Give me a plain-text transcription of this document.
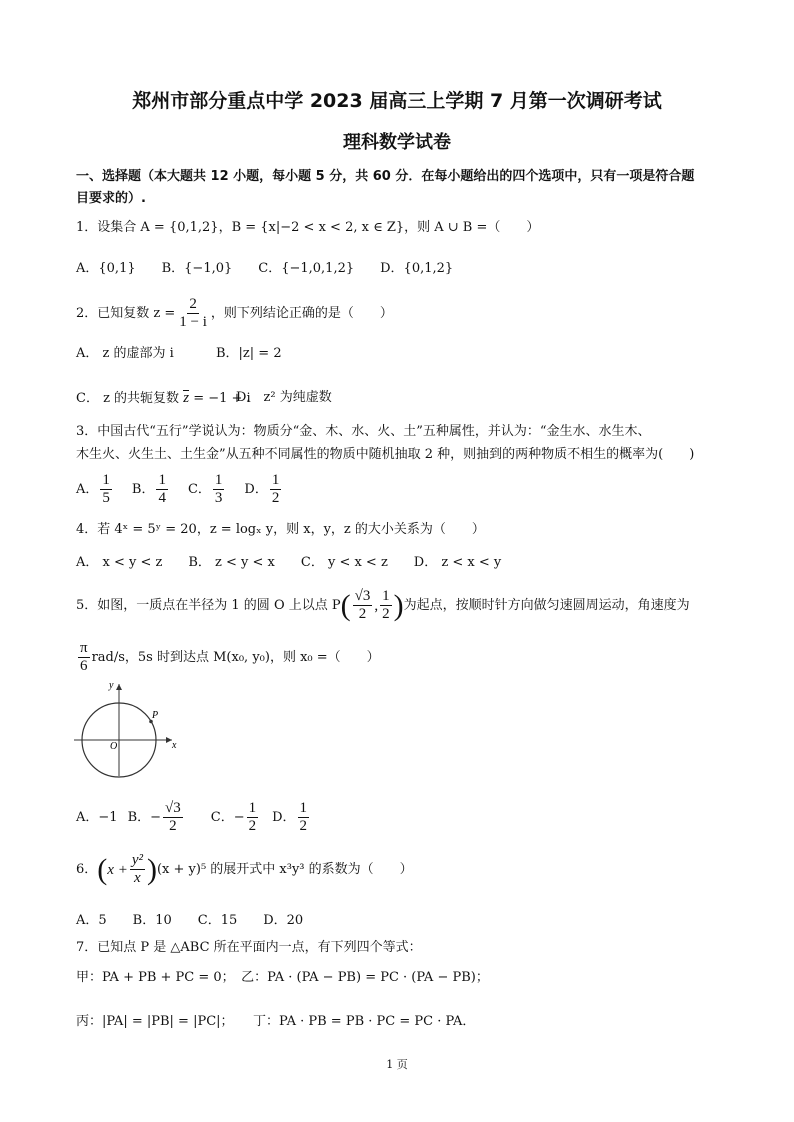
郑州市部分重点中学 2023 届高三上学期 7 月第一次调研考试
理科数学试卷
一、选择题（本大题共 12 小题，每小题 5 分，共 60 分．在每小题给出的四个选项中，只有一项是符合题
目要求的）.
1．设集合 A = {0,1,2}，B = {x|−2 < x < 2, x ∈ Z}，则 A ∪ B =（　　）
A．{0,1}　　B．{−1,0}　　C．{−1,0,1,2}　　D．{0,1,2}
2．已知复数 $z = \frac{2}{1 - i}$ ，则下列结论正确的是（　　）
A． z 的虚部为 i	B．|z| = 2
C． z 的共轭复数 z = −1 + i
D． z² 为纯虚数
3．中国古代“五行”学说认为：物质分“金、木、水、火、土”五种属性，并认为：“金生水、水生木、
木生火、火生土、土生金”从五种不同属性的物质中随机抽取 2 种，则抽到的两种物质不相生的概率为(　　)
A． $\frac{1}{5}$ B． $\frac{1}{4}$ C． $\frac{1}{3}$ D． $\frac{1}{2}$
4．若 4ˣ = 5ʸ = 20，z = logₓ y，则 x，y，z 的大小关系为（　　）
A． x < y < z　　B． z < y < x　　C． y < x < z　　D． z < x < y
5．如图，一质点在半径为 1 的圆 O 上以点 P ( $\frac{√3}{2}$ , $\frac{1}{2}$ ) 为起点，按顺时针方向做匀速圆周运动，角速度为
$\frac{\pi}{6} rad/s$，5s 时到达点 M(x₀, y₀)，则 x₀ =（　　）
y
x
O
P
A．−1 B．− $\frac{√3}{2}$ C．− $\frac{1}{2}$ D． $\frac{1}{2}$
6． ( $x + \frac{\text{y²}}{x}$ ) (x + y)⁵ 的展开式中 x³y³ 的系数为（　　）
A．5　　B．10　　C．15　　D．20
7．已知点 P 是 △ABC 所在平面内一点，有下列四个等式：
甲：PA + PB + PC = 0；　乙：PA · (PA − PB) = PC · (PA − PB)；
丙：|PA| = |PB| = |PC|；　　丁：PA · PB = PB · PC = PC · PA．
1 页
